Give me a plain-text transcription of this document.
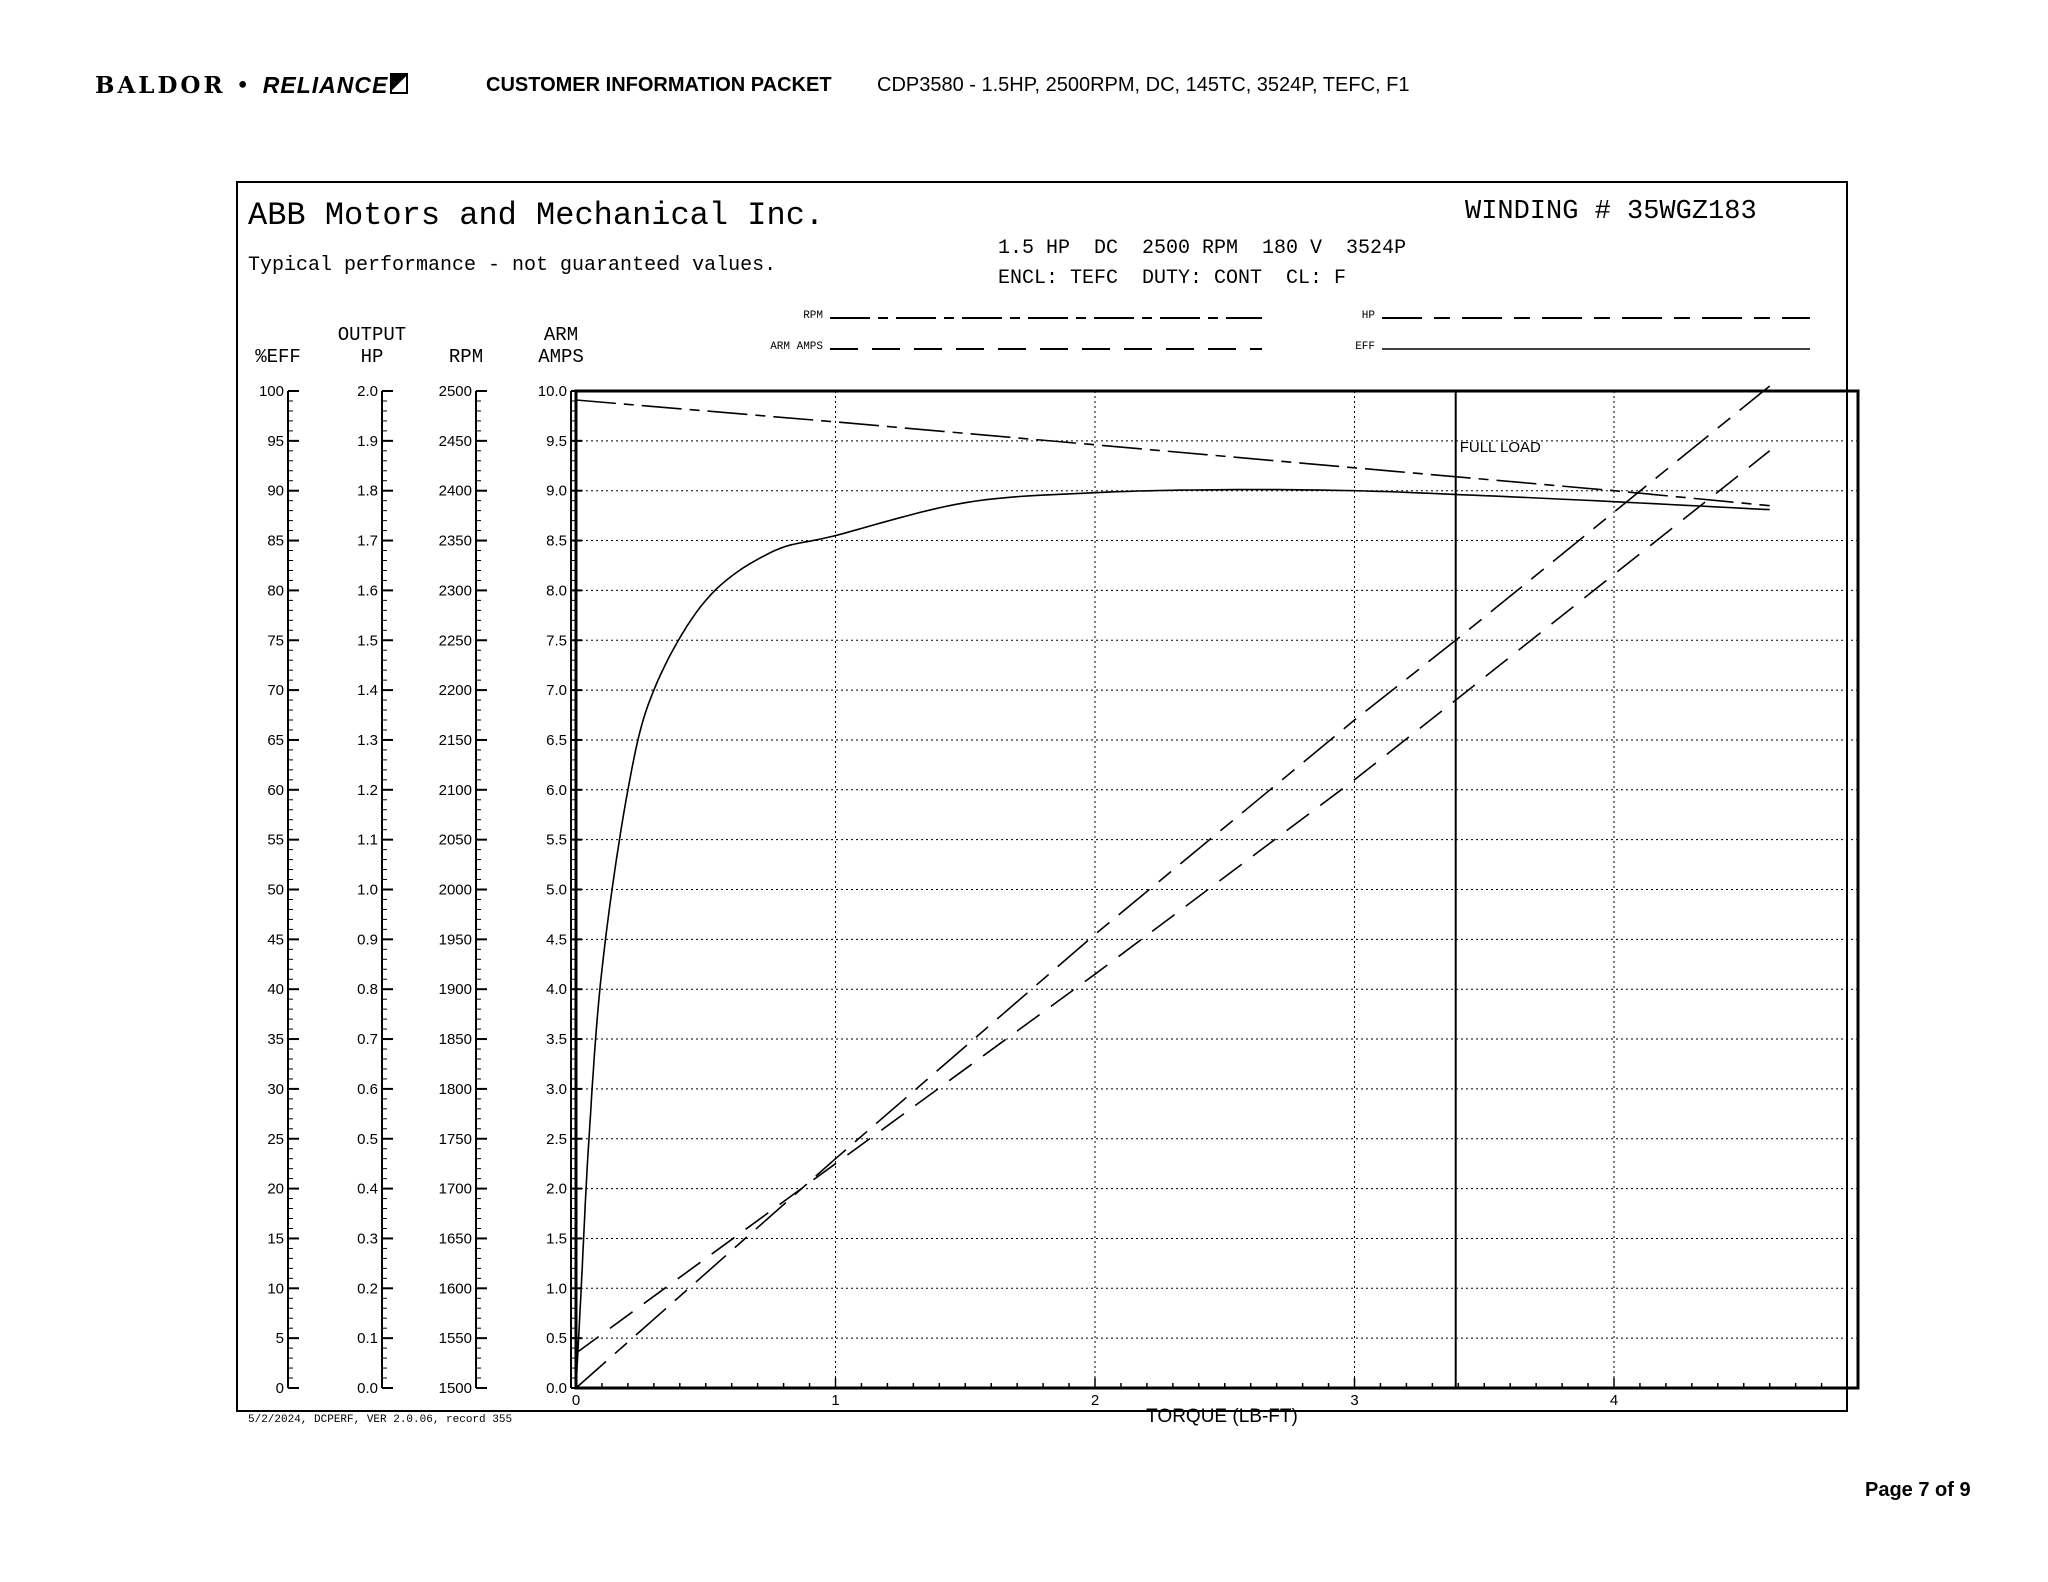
BALDOR • RELIANCE	CUSTOMER INFORMATION PACKET CDP3580 - 1.5HP, 2500RPM, DC, 145TC, 3524P, TEFC, F1
ABB Motors and Mechanical Inc.
Typical performance - not guaranteed values.
WINDING # 35WGZ183
1.5 HP  DC  2500 RPM  180 V  3524P
ENCL: TEFC  DUTY: CONT  CL: F
RPM	HP
ARM AMPS	EFF
%EFF
OUTPUT
HP	RPM
ARM
AMPS
100
95
90
85
80
75
70
65
60
55
50
45
40
35
30
25
20
15
10
5
0
2.0
1.9
1.8
1.7
1.6
1.5
1.4
1.3
1.2
1.1
1.0
0.9
0.8
0.7
0.6
0.5
0.4
0.3
0.2
0.1
0.0
2500
2450
2400
2350
2300
2250
2200
2150
2100
2050
2000
1950
1900
1850
1800
1750
1700
1650
1600
1550
1500
10.0
9.5
9.0
8.5
8.0
7.5
7.0
6.5
6.0
5.5
5.0
4.5
4.0
3.5
3.0
2.5
2.0
1.5
1.0
0.5
0.0
0	1	2	3	4
FULL LOAD
TORQUE (LB-FT)
5/2/2024, DCPERF, VER 2.0.06, record 355
Page 7 of 9
